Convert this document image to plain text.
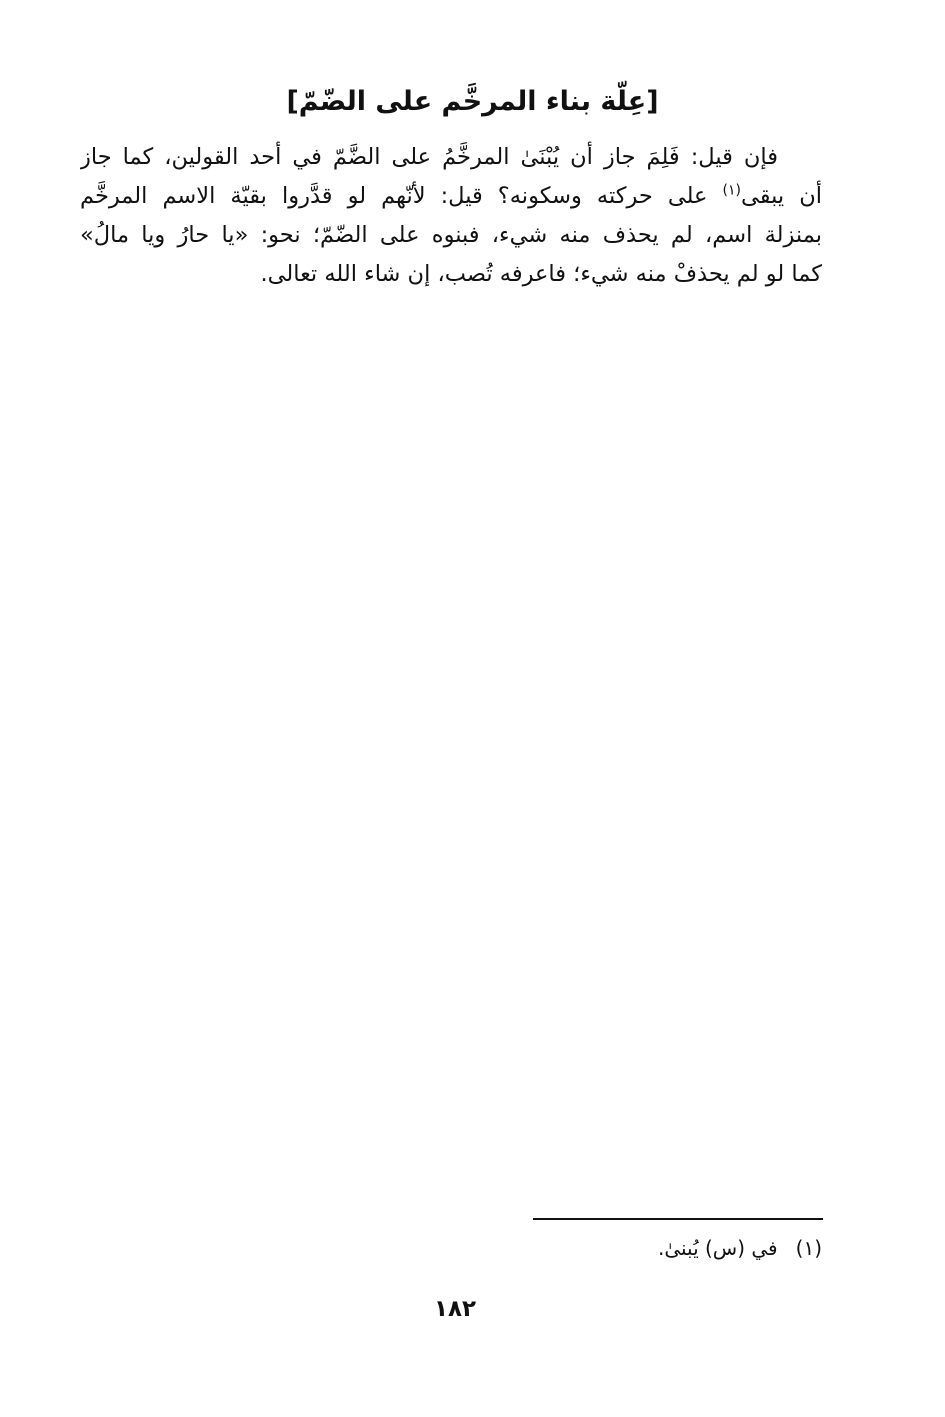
[عِلّة بناء المرخَّم على الضّمّ]
فإن قيل: فَلِمَ جاز أن يُبْنَىٰ المرخَّمُ على الضَّمّ في أحد القولين، كما جاز
أن يبقى$^{(١)}$ على حركته وسكونه؟ قيل: لأنّهم لو قدَّروا بقيّة الاسم المرخَّم
بمنزلة اسم، لم يحذف منه شيء، فبنوه على الضّمّ؛ نحو: «يا حارُ ويا مالُ»
كما لو لم يحذفْ منه شيء؛ فاعرفه تُصب، إن شاء الله تعالى.
(١)في (س) يُبنىٰ.
١٨٢
